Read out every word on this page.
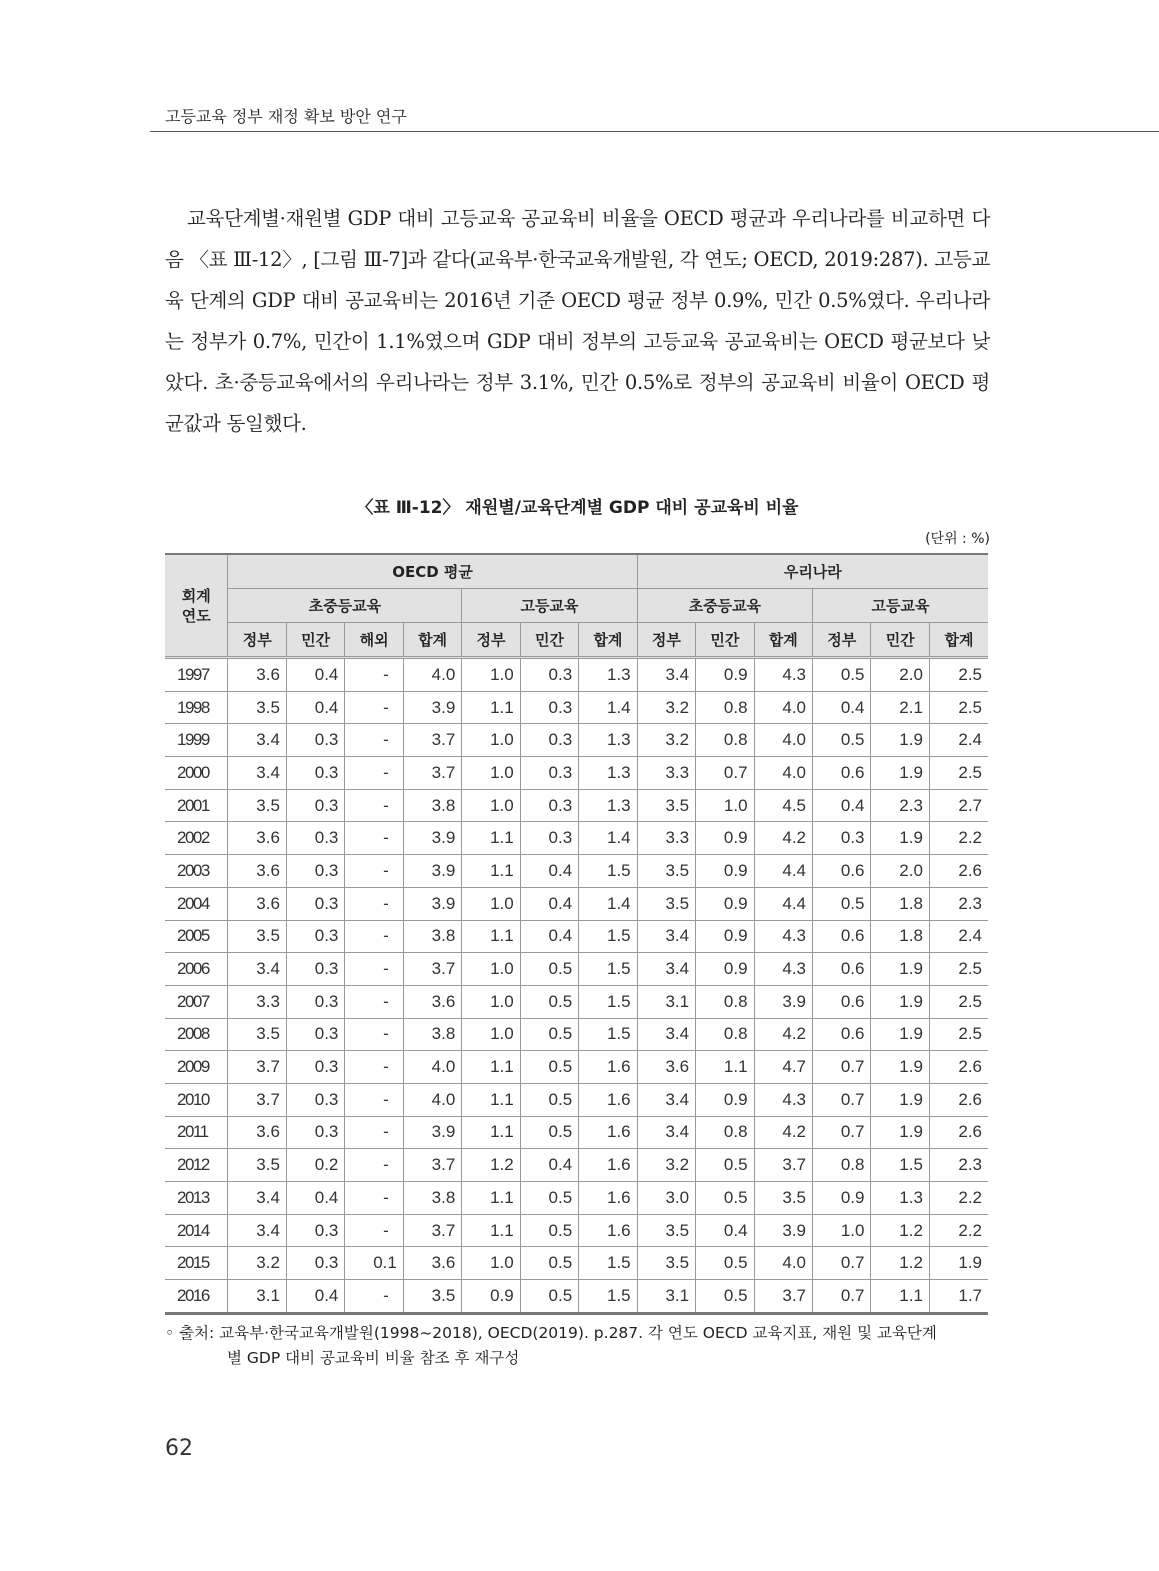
고등교육 정부 재정 확보 방안 연구

교육단계별·재원별 GDP 대비 고등교육 공교육비 비율을 OECD 평균과 우리나라를 비교하면 다음 〈표 Ⅲ-12〉, [그림 Ⅲ-7]과 같다(교육부·한국교육개발원, 각 연도; OECD, 2019:287). 고등교육 단계의 GDP 대비 공교육비는 2016년 기준 OECD 평균 정부 0.9%, 민간 0.5%였다. 우리나라는 정부가 0.7%, 민간이 1.1%였으며 GDP 대비 정부의 고등교육 공교육비는 OECD 평균보다 낮았다. 초·중등교육에서의 우리나라는 정부 3.1%, 민간 0.5%로 정부의 공교육비 비율이 OECD 평균값과 동일했다.

〈표 Ⅲ-12〉 재원별/교육단계별 GDP 대비 공교육비 비율
(단위 : %)
회계
연도	OECD 평균							우리나라					
	초중등교육				고등교육			초중등교육			고등교육		
	정부	민간	해외	합계	정부	민간	합계	정부	민간	합계	정부	민간	합계
1997	3.6	0.4	-	4.0	1.0	0.3	1.3	3.4	0.9	4.3	0.5	2.0	2.5
1998	3.5	0.4	-	3.9	1.1	0.3	1.4	3.2	0.8	4.0	0.4	2.1	2.5
1999	3.4	0.3	-	3.7	1.0	0.3	1.3	3.2	0.8	4.0	0.5	1.9	2.4
2000	3.4	0.3	-	3.7	1.0	0.3	1.3	3.3	0.7	4.0	0.6	1.9	2.5
2001	3.5	0.3	-	3.8	1.0	0.3	1.3	3.5	1.0	4.5	0.4	2.3	2.7
2002	3.6	0.3	-	3.9	1.1	0.3	1.4	3.3	0.9	4.2	0.3	1.9	2.2
2003	3.6	0.3	-	3.9	1.1	0.4	1.5	3.5	0.9	4.4	0.6	2.0	2.6
2004	3.6	0.3	-	3.9	1.0	0.4	1.4	3.5	0.9	4.4	0.5	1.8	2.3
2005	3.5	0.3	-	3.8	1.1	0.4	1.5	3.4	0.9	4.3	0.6	1.8	2.4
2006	3.4	0.3	-	3.7	1.0	0.5	1.5	3.4	0.9	4.3	0.6	1.9	2.5
2007	3.3	0.3	-	3.6	1.0	0.5	1.5	3.1	0.8	3.9	0.6	1.9	2.5
2008	3.5	0.3	-	3.8	1.0	0.5	1.5	3.4	0.8	4.2	0.6	1.9	2.5
2009	3.7	0.3	-	4.0	1.1	0.5	1.6	3.6	1.1	4.7	0.7	1.9	2.6
2010	3.7	0.3	-	4.0	1.1	0.5	1.6	3.4	0.9	4.3	0.7	1.9	2.6
2011	3.6	0.3	-	3.9	1.1	0.5	1.6	3.4	0.8	4.2	0.7	1.9	2.6
2012	3.5	0.2	-	3.7	1.2	0.4	1.6	3.2	0.5	3.7	0.8	1.5	2.3
2013	3.4	0.4	-	3.8	1.1	0.5	1.6	3.0	0.5	3.5	0.9	1.3	2.2
2014	3.4	0.3	-	3.7	1.1	0.5	1.6	3.5	0.4	3.9	1.0	1.2	2.2
2015	3.2	0.3	0.1	3.6	1.0	0.5	1.5	3.5	0.5	4.0	0.7	1.2	1.9
2016	3.1	0.4	-	3.5	0.9	0.5	1.5	3.1	0.5	3.7	0.7	1.1	1.7
◦ 출처: 교육부·한국교육개발원(1998~2018), OECD(2019). p.287. 각 연도 OECD 교육지표, 재원 및 교육단계
별 GDP 대비 공교육비 비율 참조 후 재구성
62
